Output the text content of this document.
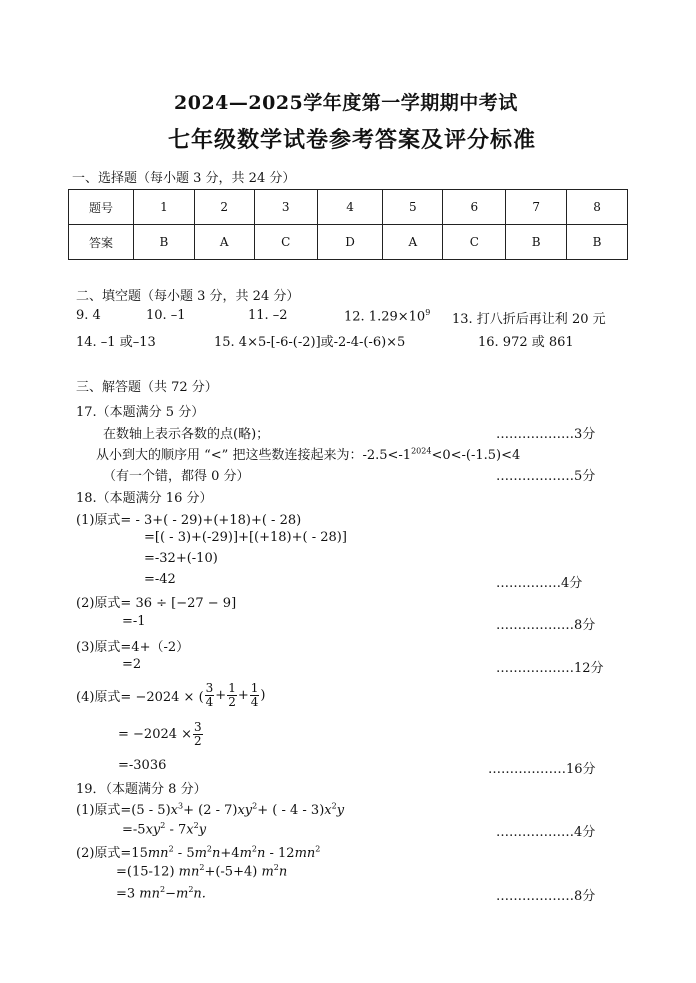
2024—2025学年度第一学期期中考试
七年级数学试卷参考答案及评分标准
一、选择题（每小题 3 分，共 24 分）
题号	1	2	3	4	5	6	7	8
答案	B	A	C	D	A	C	B	B
二、填空题（每小题 3 分，共 24 分）
9. 4	10. –1	11. –2	12. $1.29\times 10^9$ 13. 打八折后再让利 20 元
14. –1 或–13	15. 4×5-[-6-(-2)]或-2-4-(-6)×5	16. 972 或 861
三、解答题（共 72 分）
17.（本题满分 5 分）
在数轴上表示各数的点(略)；	………………3分
从小到大的顺序用 “<” 把这些数连接起来为：$-2.5<-1^{2024}<0<-(-1.5)<4$
（有一个错，都得 0 分）	………………5分
18.（本题满分 16 分）
(1)原式= - 3+( - 29)+(+18)+( - 28)
=[( - 3)+(-29)]+[(+18)+( - 28)]
=-32+(-10)
=-42	……………4分
(2)原式= 36 ÷ [−27 − 9]
=-1	………………8分
(3)原式=4+（-2）
=2	………………12分
(4)原式= −2024 × ( $\frac{3}{4} + \frac{1}{2} + \frac{1}{4}$ )
= $-2024 \times \frac{3}{2}$
=-3036	………………16分
19．（本题满分 8 分）
(1)原式$=(5 - 5)x^3+ (2 - 7)xy^2+$ ( - $4 - 3)x^2y$
$=-5xy^2 - 7x^2y$	………………4分
(2)原式$=15mn^2 - 5m^2n+4m^2n - 12mn^2$
=(15-12) $mn^2+(-5+4)$ $m^2n$
=3 $mn^2-m^2n$.	………………8分
